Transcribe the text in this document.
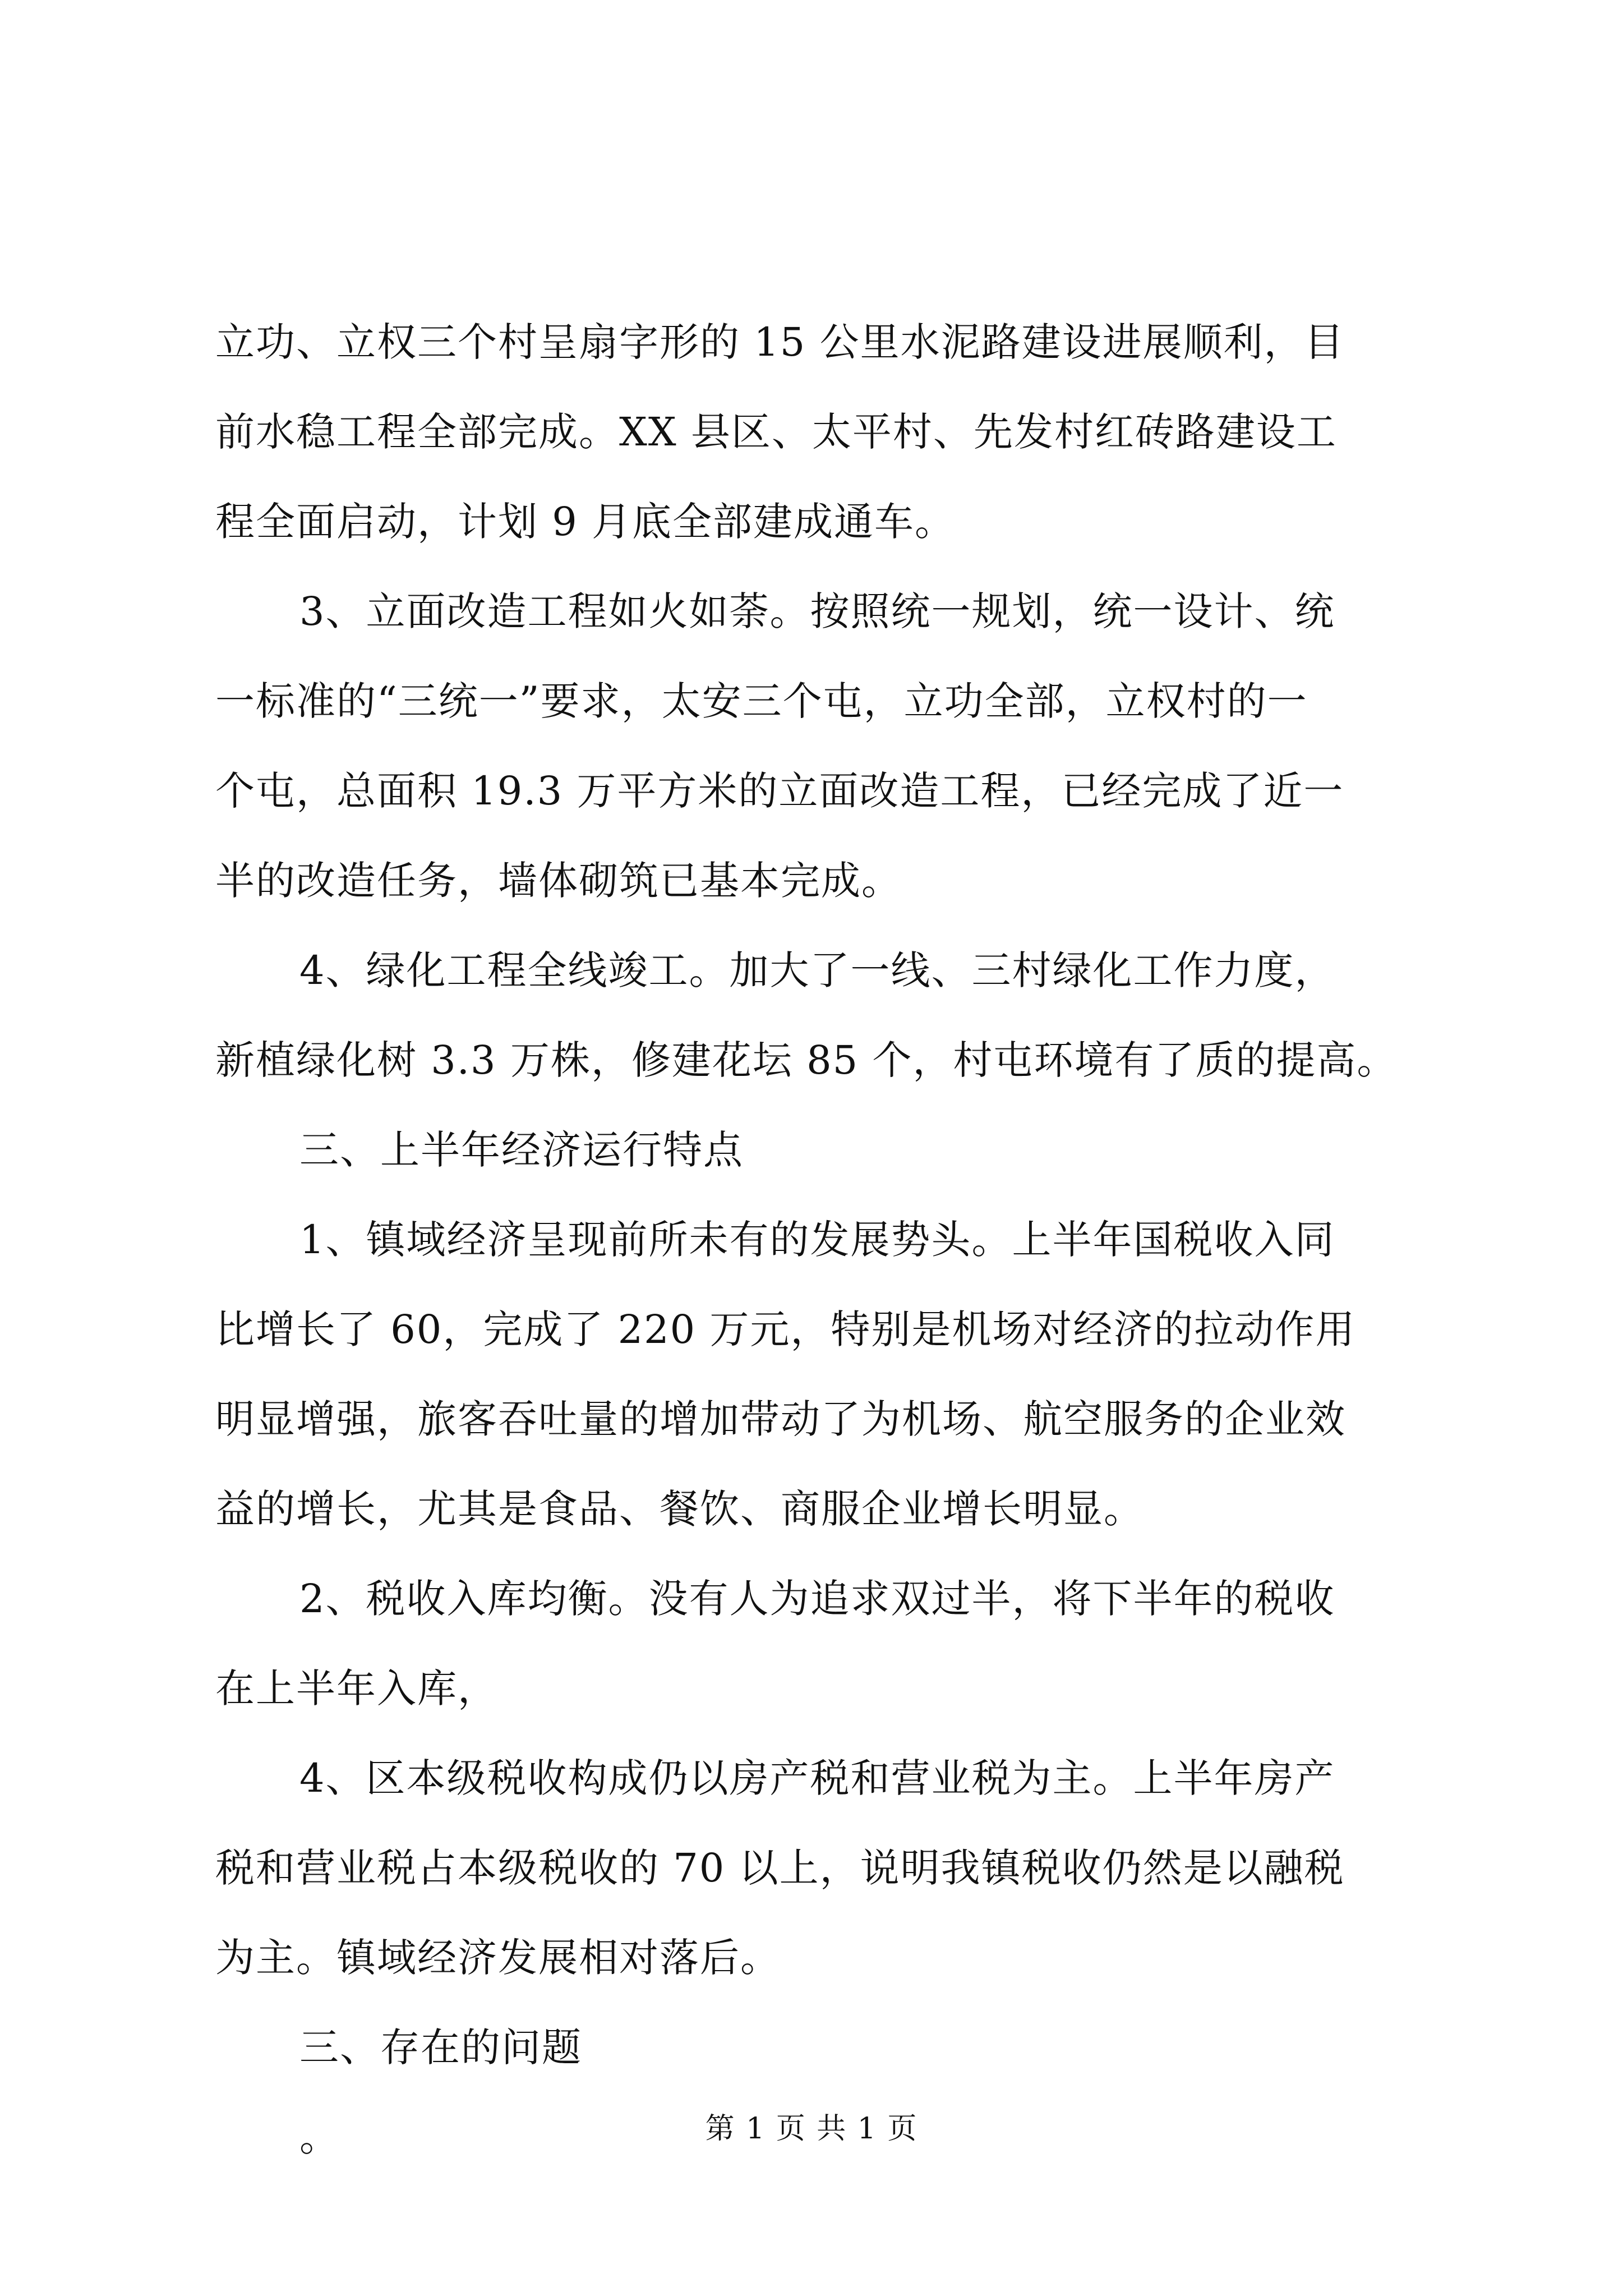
立功、立权三个村呈扇字形的 15 公里水泥路建设进展顺利，目

前水稳工程全部完成。XX 县区、太平村、先发村红砖路建设工

程全面启动，计划 9 月底全部建成通车。

3、立面改造工程如火如荼。按照统一规划，统一设计、统

一标准的“三统一”要求，太安三个屯，立功全部，立权村的一

个屯，总面积 19.3 万平方米的立面改造工程，已经完成了近一

半的改造任务，墙体砌筑已基本完成。

4、绿化工程全线竣工。加大了一线、三村绿化工作力度，

新植绿化树 3.3 万株，修建花坛 85 个，村屯环境有了质的提高。

三、上半年经济运行特点

1、镇域经济呈现前所未有的发展势头。上半年国税收入同

比增长了 60，完成了 220 万元，特别是机场对经济的拉动作用

明显增强，旅客吞吐量的增加带动了为机场、航空服务的企业效

益的增长，尤其是食品、餐饮、商服企业增长明显。

2、税收入库均衡。没有人为追求双过半，将下半年的税收

在上半年入库，

4、区本级税收构成仍以房产税和营业税为主。上半年房产

税和营业税占本级税收的 70 以上，说明我镇税收仍然是以融税

为主。镇域经济发展相对落后。

三、存在的问题

。	第 1 页 共 1 页
